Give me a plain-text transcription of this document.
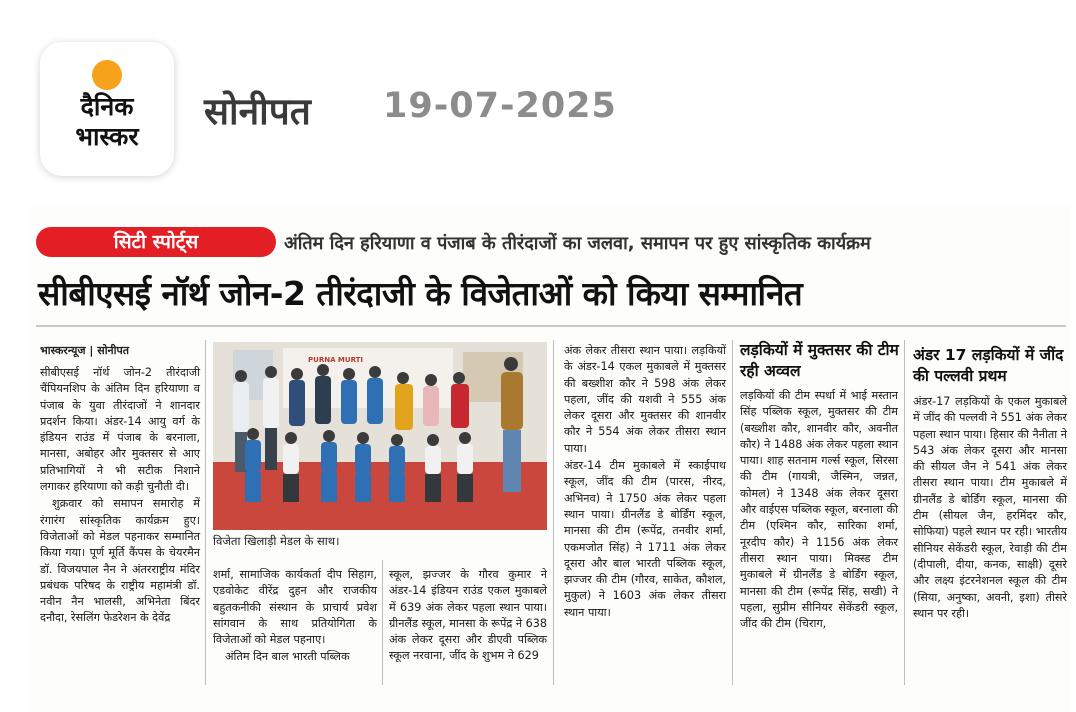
दैनिक
भास्कर
सोनीपत 19-07-2025
सिटी स्पोर्ट्स	अंतिम दिन हरियाणा व पंजाब के तीरंदाजों का जलवा, समापन पर हुए सांस्कृतिक कार्यक्रम
सीबीएसई नॉर्थ जोन-2 तीरंदाजी के विजेताओं को किया सम्मानित
भास्करन्यूज | सोनीपत

सीबीएसई नॉर्थ जोन-2 तीरंदाजी चैंपियनशिप के अंतिम दिन हरियाणा व पंजाब के युवा तीरंदाजों ने शानदार प्रदर्शन किया। अंडर-14 आयु वर्ग के इंडियन राउंड में पंजाब के बरनाला, मानसा, अबोहर और मुक्तसर से आए प्रतिभागियों ने भी सटीक निशाने लगाकर हरियाणा को कड़ी चुनौती दी।

शुक्रवार को समापन समारोह में रंगारंग सांस्कृतिक कार्यक्रम हुए। विजेताओं को मेडल पहनाकर सम्मानित किया गया। पूर्ण मूर्ति कैंपस के चेयरमैन डॉ. विजयपाल नैन ने अंतरराष्ट्रीय मंदिर प्रबंधक परिषद के राष्ट्रीय महामंत्री डॉ. नवीन नैन भालसी, अभिनेता बिंदर दनौदा, रेसलिंग फेडरेशन के देवेंद्र

PURNA MURTI
विजेता खिलाड़ी मेडल के साथ।

शर्मा, सामाजिक कार्यकर्ता दीप सिहाग, एडवोकेट वीरेंद्र दुहन और राजकीय बहुतकनीकी संस्थान के प्राचार्य प्रवेश सांगवान के साथ प्रतियोगिता के विजेताओं को मेडल पहनाए।

अंतिम दिन बाल भारती पब्लिक

स्कूल, झज्जर के गौरव कुमार ने अंडर-14 इंडियन राउंड एकल मुकाबले में 639 अंक लेकर पहला स्थान पाया। ग्रीनलैंड स्कूल, मानसा के रूपेंद्र ने 638 अंक लेकर दूसरा और डीएवी पब्लिक स्कूल नरवाना, जींद के शुभम ने 629

अंक लेकर तीसरा स्थान पाया। लड़कियों के अंडर-14 एकल मुकाबले में मुक्तसर की बख्शीश कौर ने 598 अंक लेकर पहला, जींद की यशवी ने 555 अंक लेकर दूसरा और मुक्तसर की शानवीर कौर ने 554 अंक लेकर तीसरा स्थान पाया।

अंडर-14 टीम मुकाबले में स्काईपाथ स्कूल, जींद की टीम (पारस, नीरद, अभिनव) ने 1750 अंक लेकर पहला स्थान पाया। ग्रीनलैंड डे बोर्डिंग स्कूल, मानसा की टीम (रूपेंद्र, तनवीर शर्मा, एकमजोत सिंह) ने 1711 अंक लेकर दूसरा और बाल भारती पब्लिक स्कूल, झज्जर की टीम (गौरव, साकेत, कौशल, मुकुल) ने 1603 अंक लेकर तीसरा स्थान पाया।

लड़कियों में मुक्तसर की टीम रही अव्वल

लड़कियों की टीम स्पर्धा में भाई मस्तान सिंह पब्लिक स्कूल, मुक्तसर की टीम (बख्शीश कौर, शानवीर कौर, अवनीत कौर) ने 1488 अंक लेकर पहला स्थान पाया। शाह सतनाम गर्ल्स स्कूल, सिरसा की टीम (गायत्री, जैस्मिन, जन्नत, कोमल) ने 1348 अंक लेकर दूसरा और वाईएस पब्लिक स्कूल, बरनाला की टीम (एश्मिन कौर, सारिका शर्मा, नूरदीप कौर) ने 1156 अंक लेकर तीसरा स्थान पाया। मिक्स्ड टीम मुकाबले में ग्रीनलैंड डे बोर्डिंग स्कूल, मानसा की टीम (रूपेंद्र सिंह, सखी) ने पहला, सुप्रीम सीनियर सेकेंडरी स्कूल, जींद की टीम (चिराग,

अंडर 17 लड़कियों में जींद की पल्लवी प्रथम

अंडर-17 लड़कियों के एकल मुकाबले में जींद की पल्लवी ने 551 अंक लेकर पहला स्थान पाया। हिसार की नैनीता ने 543 अंक लेकर दूसरा और मानसा की सीयल जैन ने 541 अंक लेकर तीसरा स्थान पाया। टीम मुकाबले में ग्रीनलैंड डे बोर्डिंग स्कूल, मानसा की टीम (सीयल जैन, हरमिंदर कौर, सोफिया) पहले स्थान पर रही। भारतीय सीनियर सेकेंडरी स्कूल, रेवाड़ी की टीम (दीपाली, दीया, कनक, साक्षी) दूसरे और लक्ष्य इंटरनेशनल स्कूल की टीम (सिया, अनुष्का, अवनी, इशा) तीसरे स्थान पर रही।
